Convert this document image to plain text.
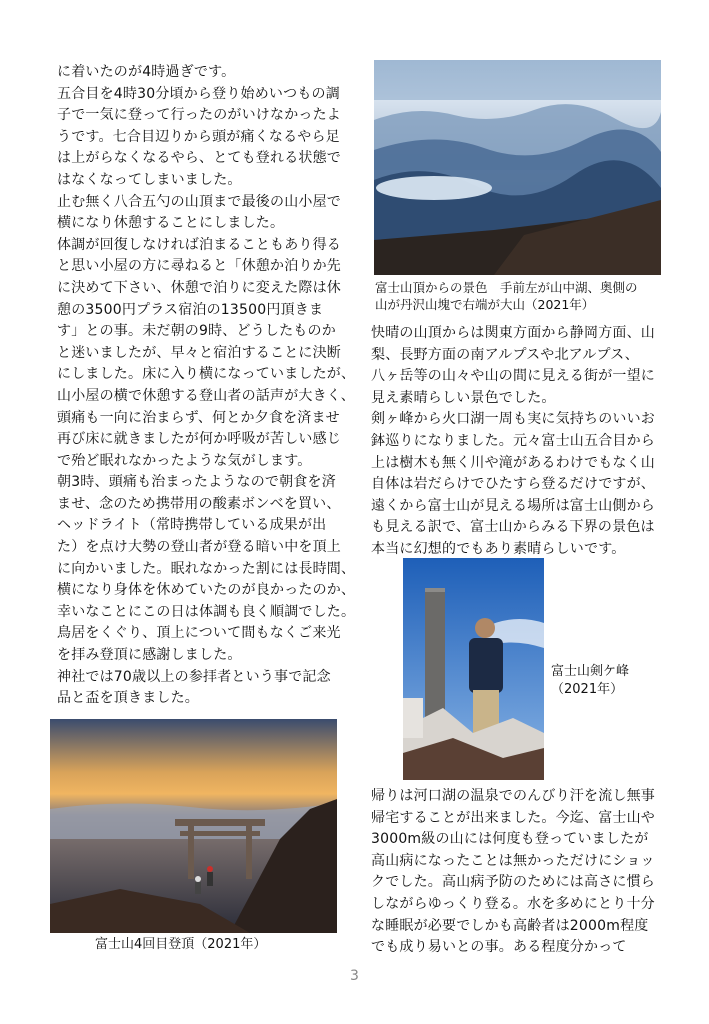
に着いたのが4時過ぎです。
五合目を4時30分頃から登り始めいつもの調
子で一気に登って行ったのがいけなかったよ
うです。七合目辺りから頭が痛くなるやら足
は上がらなくなるやら、とても登れる状態で
はなくなってしまいました。
止む無く八合五勺の山頂まで最後の山小屋で
横になり休憩することにしました。
体調が回復しなければ泊まることもあり得る
と思い小屋の方に尋ねると「休憩か泊りか先
に決めて下さい、休憩で泊りに変えた際は休
憩の3500円プラス宿泊の13500円頂きま
す」との事。未だ朝の9時、どうしたものか
と迷いましたが、早々と宿泊することに決断
にしました。床に入り横になっていましたが、
山小屋の横で休憩する登山者の話声が大きく、
頭痛も一向に治まらず、何とか夕食を済ませ
再び床に就きましたが何か呼吸が苦しい感じ
で殆ど眠れなかったような気がします。
朝3時、頭痛も治まったようなので朝食を済
ませ、念のため携帯用の酸素ボンベを買い、
ヘッドライト（常時携帯している成果が出
た）を点け大勢の登山者が登る暗い中を頂上
に向かいました。眠れなかった割には長時間、
横になり身体を休めていたのが良かったのか、
幸いなことにこの日は体調も良く順調でした。
鳥居をくぐり、頂上について間もなくご来光
を拝み登頂に感謝しました。
神社では70歳以上の参拝者という事で記念
品と盃を頂きました。

富士山頂からの景色　手前左が山中湖、奥側の
山が丹沢山塊で右端が大山（2021年）

快晴の山頂からは関東方面から静岡方面、山
梨、長野方面の南アルプスや北アルプス、
八ヶ岳等の山々や山の間に見える街が一望に
見え素晴らしい景色でした。
剣ヶ峰から火口湖一周も実に気持ちのいいお
鉢巡りになりました。元々富士山五合目から
上は樹木も無く川や滝があるわけでもなく山
自体は岩だらけでひたすら登るだけですが、
遠くから富士山が見える場所は富士山側から
も見える訳で、富士山からみる下界の景色は
本当に幻想的でもあり素晴らしいです。

富士山剣ケ峰
（2021年）

帰りは河口湖の温泉でのんびり汗を流し無事
帰宅することが出来ました。今迄、富士山や
3000m級の山には何度も登っていましたが
高山病になったことは無かっただけにショッ
クでした。高山病予防のためには高さに慣ら
しながらゆっくり登る。水を多めにとり十分
な睡眠が必要でしかも高齢者は2000m程度
でも成り易いとの事。ある程度分かって

富士山4回目登頂（2021年）
3
